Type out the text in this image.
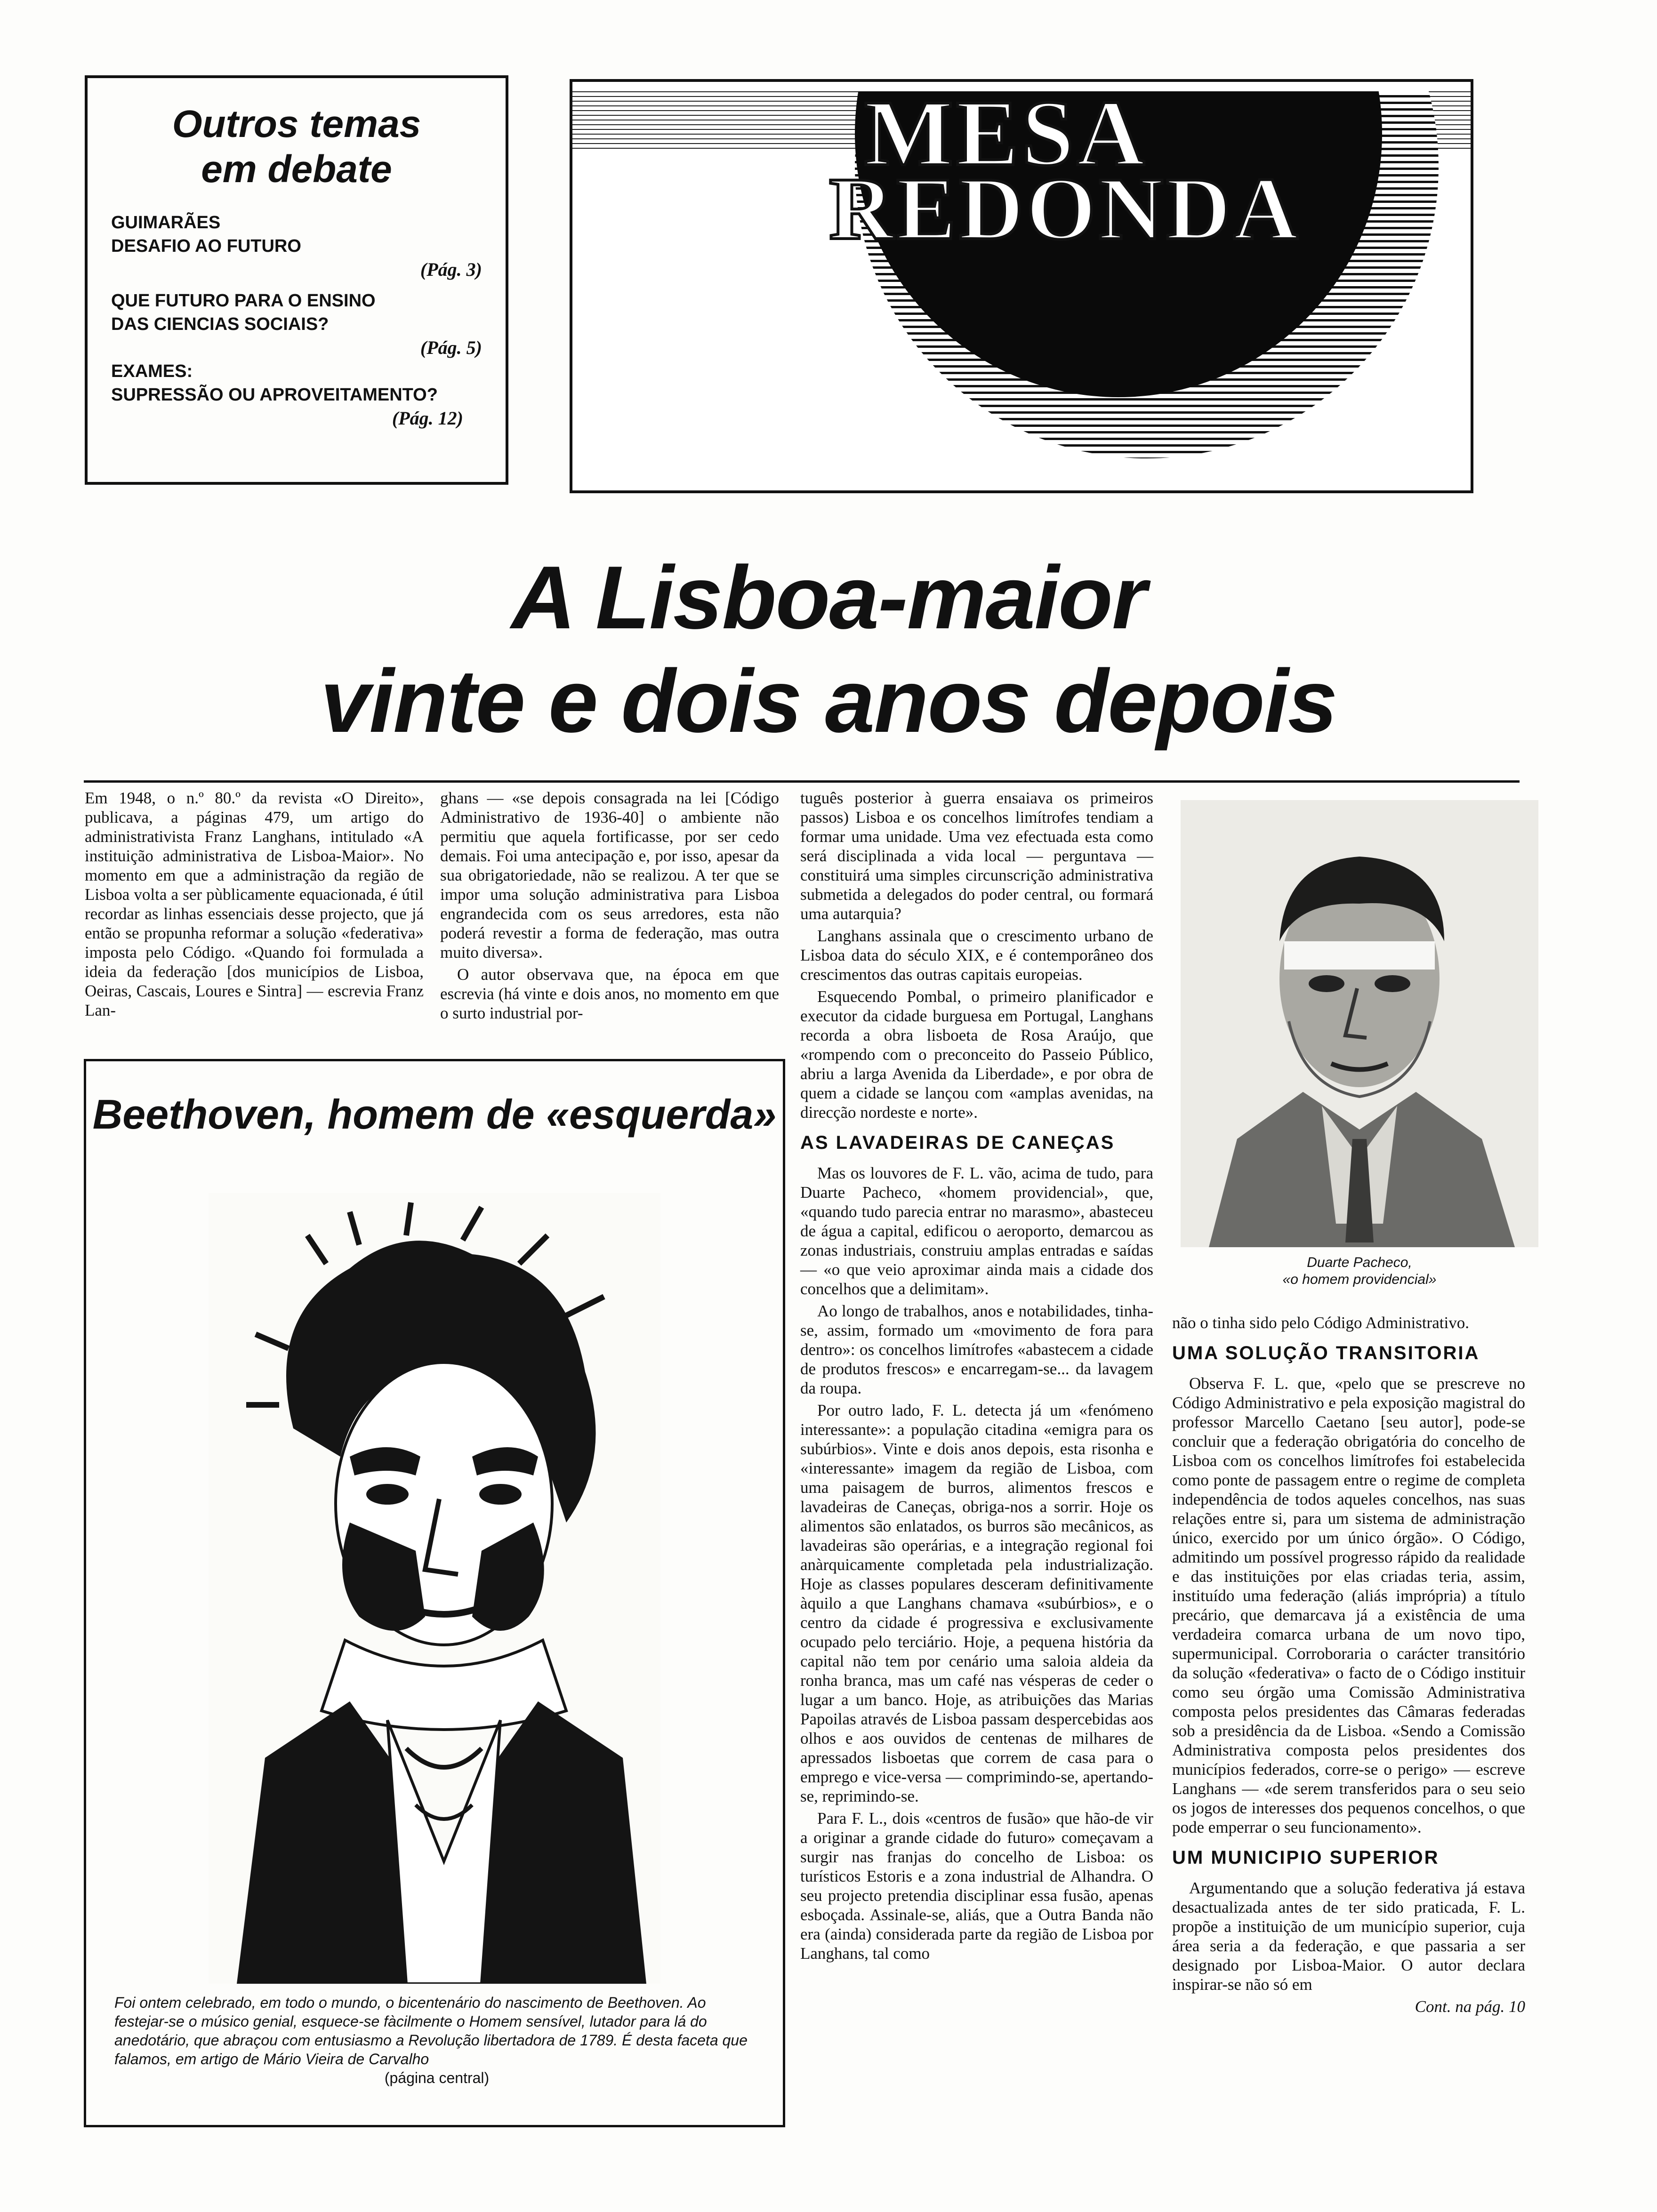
Outros temas
em debate
GUIMARÃES
DESAFIO AO FUTURO
(Pág. 3)
QUE FUTURO PARA O ENSINO
DAS CIENCIAS SOCIAIS?
(Pág. 5)
EXAMES:
SUPRESSÃO OU APROVEITAMENTO?
(Pág. 12)
MESA
REDONDA
A Lisboa-maior
vinte e dois anos depois

Em 1948, o n.º 80.º da revista «O Direito», publicava, a páginas 479, um artigo do administrativista Franz Langhans, intitulado «A instituição administrativa de Lisboa-Maior». No momento em que a administração da região de Lisboa volta a ser pùblicamente equacionada, é útil recordar as linhas essenciais desse projecto, que já então se propunha reformar a solução «federativa» imposta pelo Código. «Quando foi formulada a ideia da federação [dos municípios de Lisboa, Oeiras, Cascais, Loures e Sintra] — escrevia Franz Lan-

ghans — «se depois consagrada na lei [Código Administrativo de 1936-40] o ambiente não permitiu que aquela fortificasse, por ser cedo demais. Foi uma antecipação e, por isso, apesar da sua obrigatoriedade, não se realizou. A ter que se impor uma solução administrativa para Lisboa engrandecida com os seus arredores, esta não poderá revestir a forma de federação, mas outra muito diversa».

O autor observava que, na época em que escrevia (há vinte e dois anos, no momento em que o surto industrial por-

tuguês posterior à guerra ensaiava os primeiros passos) Lisboa e os concelhos limítrofes tendiam a formar uma unidade. Uma vez efectuada esta como será disciplinada a vida local — perguntava — constituirá uma simples circunscrição administrativa submetida a delegados do poder central, ou formará uma autarquia?

Langhans assinala que o crescimento urbano de Lisboa data do século XIX, e é contemporâneo dos crescimentos das outras capitais europeias.

Esquecendo Pombal, o primeiro planificador e executor da cidade burguesa em Portugal, Langhans recorda a obra lisboeta de Rosa Araújo, que «rompendo com o preconceito do Passeio Público, abriu a larga Avenida da Liberdade», e por obra de quem a cidade se lançou com «amplas avenidas, na direcção nordeste e norte».

AS LAVADEIRAS DE CANEÇAS

Mas os louvores de F. L. vão, acima de tudo, para Duarte Pacheco, «homem providencial», que, «quando tudo parecia entrar no marasmo», abasteceu de água a capital, edificou o aeroporto, demarcou as zonas industriais, construiu amplas entradas e saídas — «o que veio aproximar ainda mais a cidade dos concelhos que a delimitam».

Ao longo de trabalhos, anos e notabilidades, tinha-se, assim, formado um «movimento de fora para dentro»: os concelhos limítrofes «abastecem a cidade de produtos frescos» e encarregam-se... da lavagem da roupa.

Por outro lado, F. L. detecta já um «fenómeno interessante»: a população citadina «emigra para os subúrbios». Vinte e dois anos depois, esta risonha e «interessante» imagem da região de Lisboa, com uma paisagem de burros, alimentos frescos e lavadeiras de Caneças, obriga-nos a sorrir. Hoje os alimentos são enlatados, os burros são mecânicos, as lavadeiras são operárias, e a integração regional foi anàrquicamente completada pela industrialização. Hoje as classes populares desceram definitivamente àquilo a que Langhans chamava «subúrbios», e o centro da cidade é progressiva e exclusivamente ocupado pelo terciário. Hoje, a pequena história da capital não tem por cenário uma saloia aldeia da ronha branca, mas um café nas vésperas de ceder o lugar a um banco. Hoje, as atribuições das Marias Papoilas através de Lisboa passam despercebidas aos olhos e aos ouvidos de centenas de milhares de apressados lisboetas que correm de casa para o emprego e vice-versa — comprimindo-se, apertando-se, reprimindo-se.

Para F. L., dois «centros de fusão» que hão-de vir a originar a grande cidade do futuro» começavam a surgir nas franjas do concelho de Lisboa: os turísticos Estoris e a zona industrial de Alhandra. O seu projecto pretendia disciplinar essa fusão, apenas esboçada. Assinale-se, aliás, que a Outra Banda não era (ainda) considerada parte da região de Lisboa por Langhans, tal como

Duarte Pacheco,
«o homem providencial»

não o tinha sido pelo Código Administrativo.

UMA SOLUÇÃO TRANSITORIA

Observa F. L. que, «pelo que se prescreve no Código Administrativo e pela exposição magistral do professor Marcello Caetano [seu autor], pode-se concluir que a federação obrigatória do concelho de Lisboa com os concelhos limítrofes foi estabelecida como ponte de passagem entre o regime de completa independência de todos aqueles concelhos, nas suas relações entre si, para um sistema de administração único, exercido por um único órgão». O Código, admitindo um possível progresso rápido da realidade e das instituições por elas criadas teria, assim, instituído uma federação (aliás imprópria) a título precário, que demarcava já a existência de uma verdadeira comarca urbana de um novo tipo, supermunicipal. Corroboraria o carácter transitório da solução «federativa» o facto de o Código instituir como seu órgão uma Comissão Administrativa composta pelos presidentes das Câmaras federadas sob a presidência da de Lisboa. «Sendo a Comissão Administrativa composta pelos presidentes dos municípios federados, corre-se o perigo» — escreve Langhans — «de serem transferidos para o seu seio os jogos de interesses dos pequenos concelhos, o que pode emperrar o seu funcionamento».

UM MUNICIPIO SUPERIOR

Argumentando que a solução federativa já estava desactualizada antes de ter sido praticada, F. L. propõe a instituição de um município superior, cuja área seria a da federação, e que passaria a ser designado por Lisboa-Maior. O autor declara inspirar-se não só em

Cont. na pág. 10
Beethoven, homem de «esquerda»
Foi ontem celebrado, em todo o mundo, o bicentenário do nascimento de Beethoven. Ao festejar-se o músico genial, esquece-se fàcilmente o Homem sensível, lutador para lá do anedotário, que abraçou com entusiasmo a Revolução libertadora de 1789. É desta faceta que falamos, em artigo de Mário Vieira de Carvalho
(página central)
